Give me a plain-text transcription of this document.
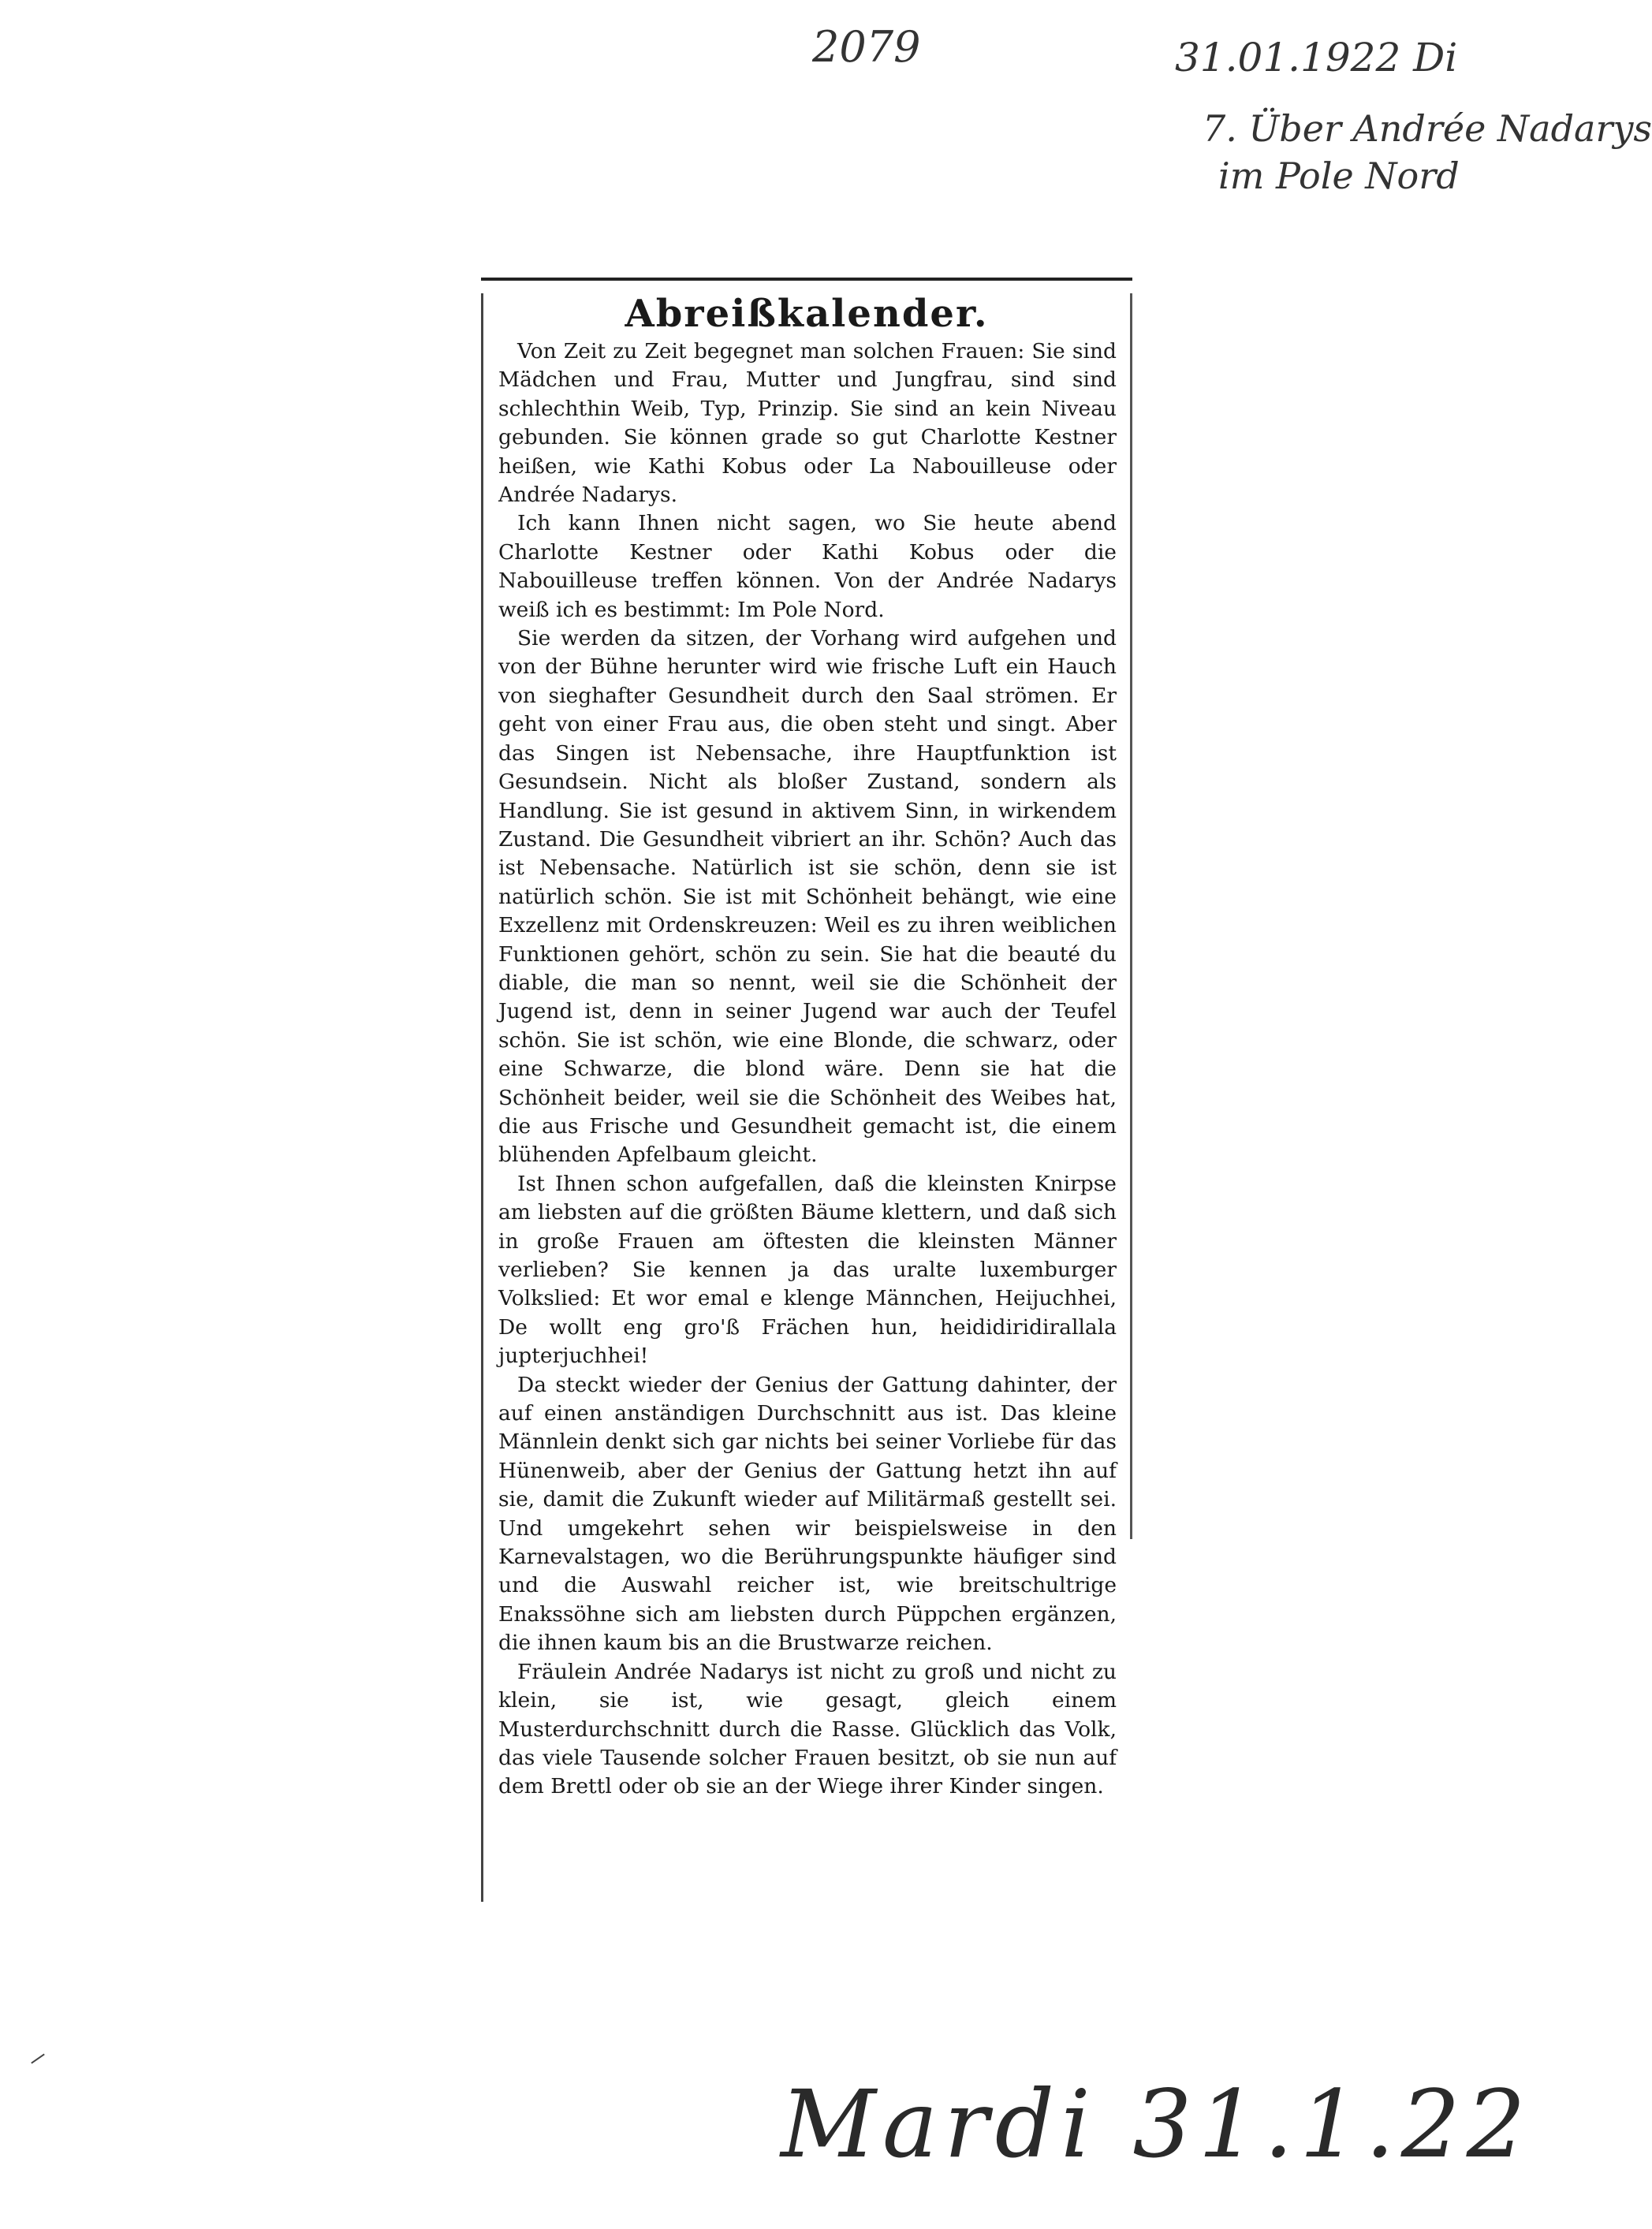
2079	31.01.1922 Di
7. Über Andrée Nadarys
im Pole Nord
Abreißkalender.

Von Zeit zu Zeit begegnet man solchen Frauen: Sie sind Mädchen und Frau, Mutter und Jungfrau, sind sind schlechthin Weib, Typ, Prinzip. Sie sind an kein Niveau gebunden. Sie können grade so gut Charlotte Kestner heißen, wie Kathi Kobus oder La Nabouilleuse oder Andrée Nadarys.

Ich kann Ihnen nicht sagen, wo Sie heute abend Charlotte Kestner oder Kathi Kobus oder die Nabouilleuse treffen können. Von der Andrée Nadarys weiß ich es bestimmt: Im Pole Nord.

Sie werden da sitzen, der Vorhang wird aufgehen und von der Bühne herunter wird wie frische Luft ein Hauch von sieghafter Gesundheit durch den Saal strömen. Er geht von einer Frau aus, die oben steht und singt. Aber das Singen ist Nebensache, ihre Hauptfunktion ist Gesundsein. Nicht als bloßer Zustand, sondern als Handlung. Sie ist gesund in aktivem Sinn, in wirkendem Zustand. Die Gesundheit vibriert an ihr. Schön? Auch das ist Nebensache. Natürlich ist sie schön, denn sie ist natürlich schön. Sie ist mit Schönheit behängt, wie eine Exzellenz mit Ordenskreuzen: Weil es zu ihren weiblichen Funktionen gehört, schön zu sein. Sie hat die beauté du diable, die man so nennt, weil sie die Schönheit der Jugend ist, denn in seiner Jugend war auch der Teufel schön. Sie ist schön, wie eine Blonde, die schwarz, oder eine Schwarze, die blond wäre. Denn sie hat die Schönheit beider, weil sie die Schönheit des Weibes hat, die aus Frische und Gesundheit gemacht ist, die einem blühenden Apfelbaum gleicht.

Ist Ihnen schon aufgefallen, daß die kleinsten Knirpse am liebsten auf die größten Bäume klettern, und daß sich in große Frauen am öftesten die kleinsten Männer verlieben? Sie kennen ja das uralte luxemburger Volkslied: Et wor emal e klenge Männchen, Heijuchhei, De wollt eng gro'ß Frächen hun, heididiridirallala jupterjuchhei!

Da steckt wieder der Genius der Gattung dahinter, der auf einen anständigen Durchschnitt aus ist. Das kleine Männlein denkt sich gar nichts bei seiner Vorliebe für das Hünenweib, aber der Genius der Gattung hetzt ihn auf sie, damit die Zukunft wieder auf Militärmaß gestellt sei. Und umgekehrt sehen wir beispielsweise in den Karnevalstagen, wo die Berührungspunkte häufiger sind und die Auswahl reicher ist, wie breitschultrige Enakssöhne sich am liebsten durch Püppchen ergänzen, die ihnen kaum bis an die Brustwarze reichen.

Fräulein Andrée Nadarys ist nicht zu groß und nicht zu klein, sie ist, wie gesagt, gleich einem Musterdurchschnitt durch die Rasse. Glücklich das Volk, das viele Tausende solcher Frauen besitzt, ob sie nun auf dem Brettl oder ob sie an der Wiege ihrer Kinder singen.

Mardi 31.1.22
